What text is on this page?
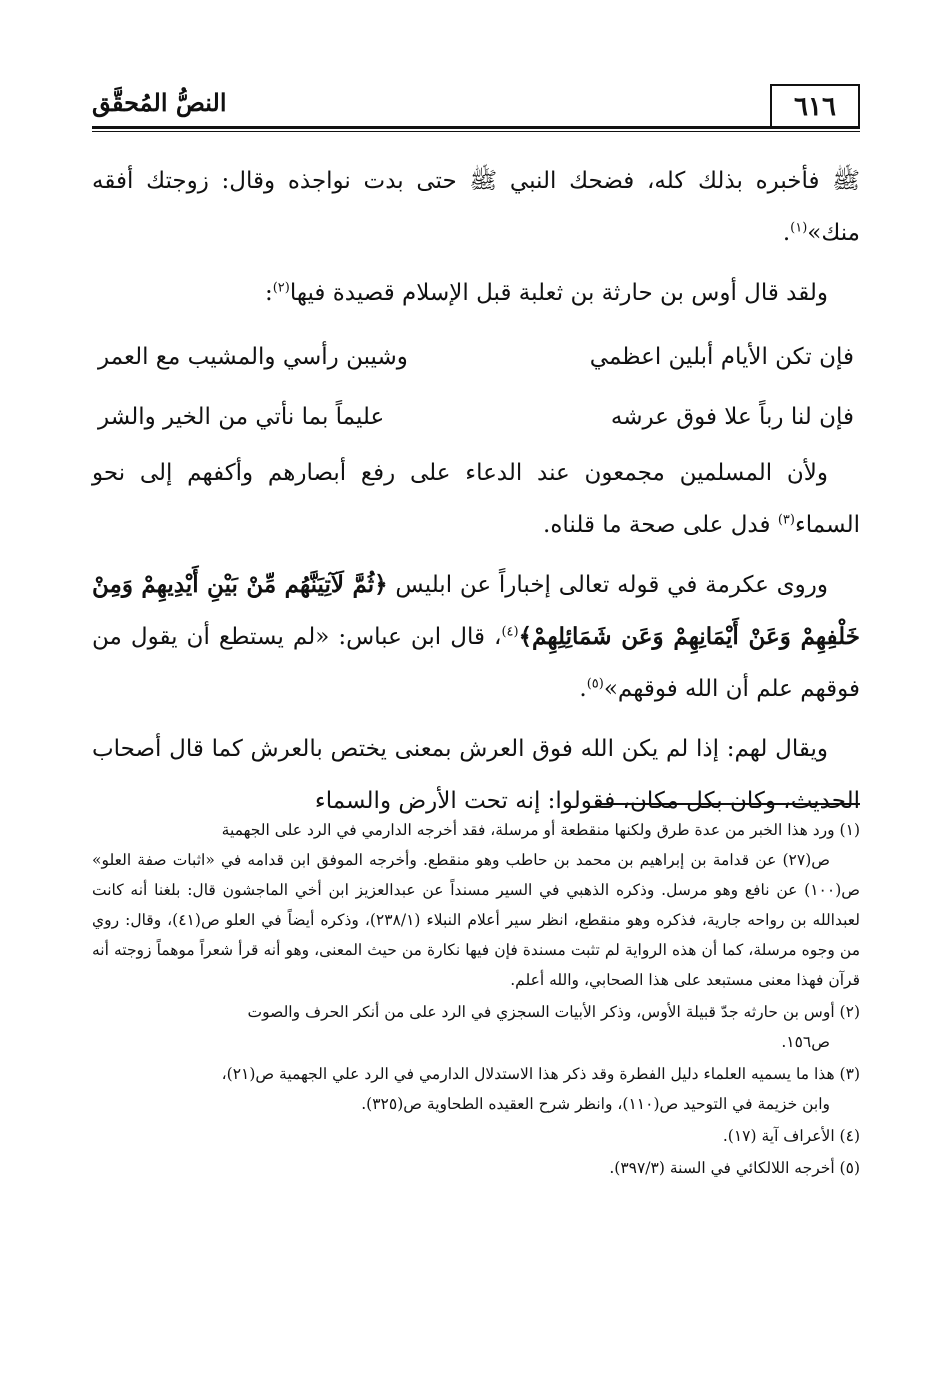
النصُّ المُحقَّق	٦١٦

ﷺ فأخبره بذلك كله، فضحك النبي ﷺ حتى بدت نواجذه وقال: زوجتك أفقه منك»$^{(١)}$.

ولقد قال أوس بن حارثة بن ثعلبة قبل الإسلام قصيدة فيها$^{(٢)}$:

فإن تكن الأيام أبلين اعظمي
وشيبن رأسي والمشيب مع العمر
فإن لنا رباً علا فوق عرشه
عليماً بما نأتي من الخير والشر

ولأن المسلمين مجمعون عند الدعاء على رفع أبصارهم وأكفهم إلى نحو السماء$^{(٣)}$ فدل على صحة ما قلناه.

وروى عكرمة في قوله تعالى إخباراً عن ابليس ﴿ثُمَّ لَآتِيَنَّهُم مِّنْ بَيْنِ أَيْدِيهِمْ وَمِنْ خَلْفِهِمْ وَعَنْ أَيْمَانِهِمْ وَعَن شَمَائِلِهِمْ﴾$^{(٤)}$، قال ابن عباس: «لم يستطع أن يقول من فوقهم علم أن الله فوقهم»$^{(٥)}$.

ويقال لهم: إذا لم يكن الله فوق العرش بمعنى يختص بالعرش كما قال أصحاب الحديث، وكان بكل مكان، فقولوا: إنه تحت الأرض والسماء

(١) ورد هذا الخبر من عدة طرق ولكنها منقطعة أو مرسلة، فقد أخرجه الدارمي في الرد على الجهمية
ص(٢٧) عن قدامة بن إبراهيم بن محمد بن حاطب وهو منقطع. وأخرجه الموفق ابن قدامه في «اثبات صفة العلو» ص(١٠٠) عن نافع وهو مرسل. وذكره الذهبي في السير مسنداً عن عبدالعزيز ابن أخي الماجشون قال: بلغنا أنه كانت لعبدالله بن رواحه جارية، فذكره وهو منقطع، انظر سير أعلام النبلاء (٢٣٨/١)، وذكره أيضاً في العلو ص(٤١)، وقال: روي من وجوه مرسلة، كما أن هذه الرواية لم تثبت مسندة فإن فيها نكارة من حيث المعنى، وهو أنه قرأ شعراً موهماً زوجته أنه قرآن فهذا معنى مستبعد على هذا الصحابي، والله أعلم.

(٢) أوس بن حارثه جدّ قبيلة الأوس، وذكر الأبيات السجزي في الرد على من أنكر الحرف والصوت
ص١٥٦.

(٣) هذا ما يسميه العلماء دليل الفطرة وقد ذكر هذا الاستدلال الدارمي في الرد علي الجهمية ص(٢١)،
وابن خزيمة في التوحيد ص(١١٠)، وانظر شرح العقيده الطحاوية ص(٣٢٥).

(٤) الأعراف آية (١٧).

(٥) أخرجه اللالكائي في السنة (٣٩٧/٣).
